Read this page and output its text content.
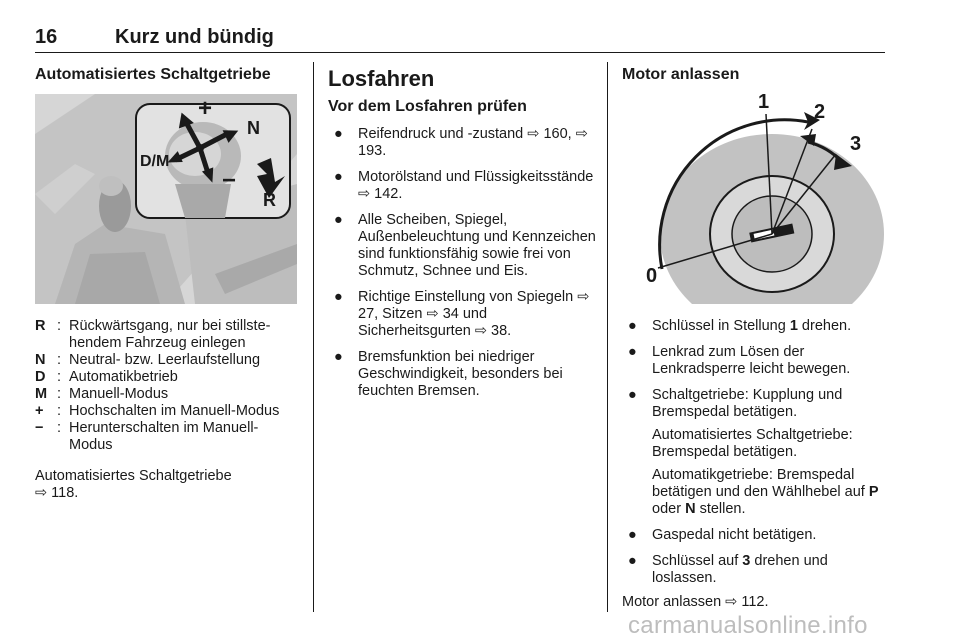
16	Kurz und bündig
Automatisiertes Schaltgetriebe
+
−
D/M
N
R
R : Rückwärtsgang, nur bei stillste-hendem Fahrzeug einlegen
N : Neutral- bzw. Leerlaufstellung
D : Automatikbetrieb
M : Manuell-Modus
+ : Hochschalten im Manuell-Modus
− : Herunterschalten im Manuell-Modus

Automatisiertes Schaltgetriebe
⇨ 118.

Losfahren
Vor dem Losfahren prüfen
● Reifendruck und -zustand ⇨ 160, ⇨ 193.
● Motorölstand und Flüssigkeitsstände ⇨ 142.
● Alle Scheiben, Spiegel, Außenbeleuchtung und Kennzeichen sind funktionsfähig sowie frei von Schmutz, Schnee und Eis.
● Richtige Einstellung von Spiegeln ⇨ 27, Sitzen ⇨ 34 und Sicherheitsgurten ⇨ 38.
● Bremsfunktion bei niedriger Geschwindigkeit, besonders bei feuchten Bremsen.
Motor anlassen
0
1 2
3
● Schlüssel in Stellung 1 drehen.
● Lenkrad zum Lösen der Lenkradsperre leicht bewegen.
● Schaltgetriebe: Kupplung und Bremspedal betätigen.
Automatisiertes Schaltgetriebe: Bremspedal betätigen.
Automatikgetriebe: Bremspedal betätigen und den Wählhebel auf P oder N stellen.
● Gaspedal nicht betätigen.
● Schlüssel auf 3 drehen und loslassen.

Motor anlassen ⇨ 112.

carmanualsonline.info
